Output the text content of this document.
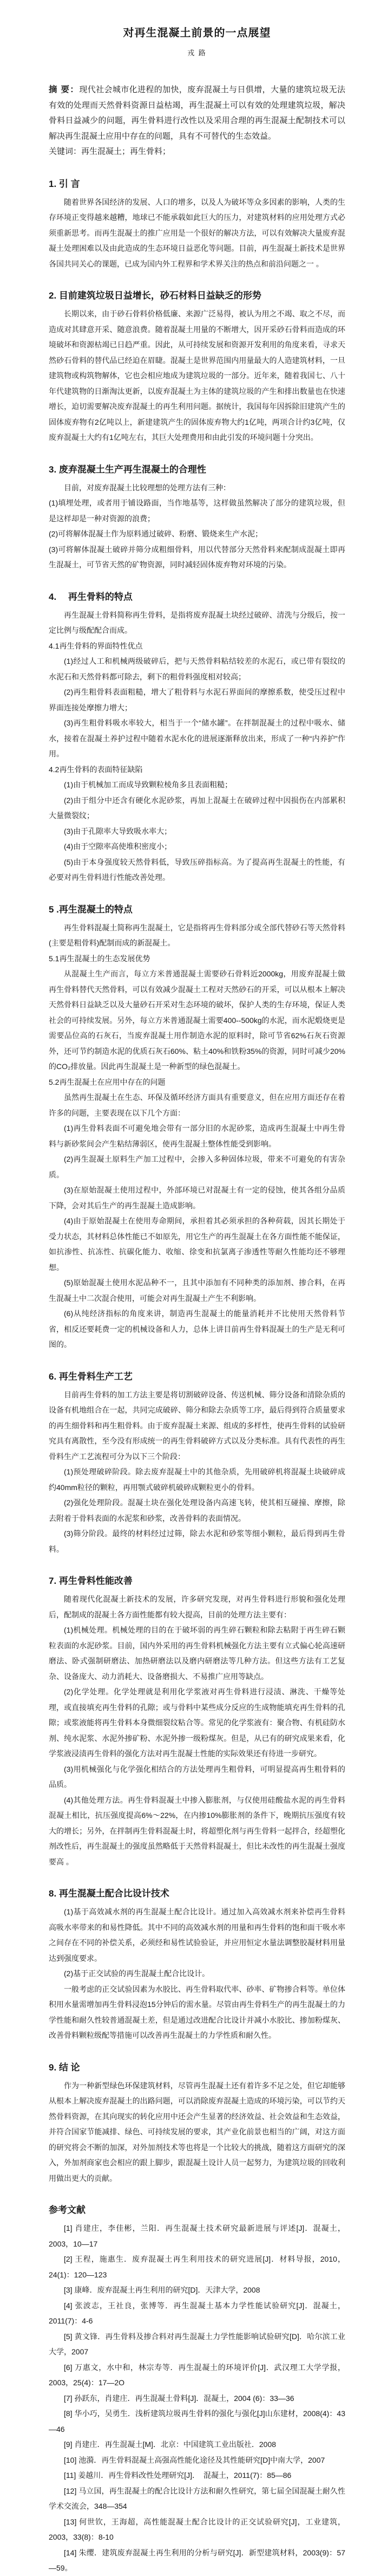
对再生混凝土前景的一点展望
戎 路

摘 要：现代社会城市化进程的加快，废弃混凝土与日俱增，大量的建筑垃圾无法有效的处理而天然骨料资源日益枯竭，再生混凝土可以有效的处理建筑垃圾，解决骨料日益减少的问题，再生骨料进行改性以及采用合理的再生混凝土配制技术可以解决再生混凝土应用中存在的问题，具有不可替代的生态效益。

关键词：再生混凝土；再生骨料；

1. 引 言

随着世界各国经济的发展、人口的增多，以及人为破坏等众多因素的影响，人类的生存环境正变得越来越糟，地球已不能承载如此巨大的压力，对建筑材料的应用处理方式必须重新思考。而再生混凝土的推广应用是一个很好的解决方法，可以有效解决大量废弃混凝土处理困难以及由此造成的生态环境日益恶化等问题。目前，再生混凝土新技术是世界各国共同关心的课题，已成为国内外工程界和学术界关注的热点和前沿问题之一 。

2. 目前建筑垃圾日益增长，砂石材料日益缺乏的形势

长期以来，由于砂石骨料价格低廉、来源广泛易得，被认为用之不竭、取之不尽，而造成对其肆意开采、随意浪费。随着混凝土用量的不断增大，因开采砂石骨料而造成的环境破坏和资源枯竭已日趋严重。因此，从可持续发展和资源开发利用的角度来看，寻求天然砂石骨料的替代品已经迫在眉睫。混凝土是世界范围内用量最大的人造建筑材料，一旦建筑物或构筑物解体，它也会相应地成为建筑垃圾的一部分。近年来，随着我国七、八十年代建筑物的日渐淘汰更新，以废弃混凝土为主体的建筑垃圾的产生和排出数量也在快速增长，迫切需要解决废弃混凝土的再生利用问题。据统计，我国每年因拆除旧建筑产生的固体废弃物有2亿吨以上，新建建筑产生的固体废弃物大约1亿吨，两项合计约3亿吨，仅废弃混凝土大约有1亿吨左右，其巨大处理费用和由此引发的环境问题十分突出。

3. 废弃混凝土生产再生混凝土的合理性

目前，对废弃混凝土比较理想的处理方法有三种：

(1)填埋处理，或者用于铺设路面，当作地基等，这样做虽然解决了部分的建筑垃圾，但是这样却是一种对资源的浪费；

(2)可将解体混凝土作为原料通过破碎、粉磨、锻烧来生产水泥；

(3)可将解体混凝土破碎并筛分成粗细骨料，用以代替部分天然骨料来配制成混凝土即再生混凝土，可节省天然的矿物资源，同时减轻固体废弃物对环境的污染。

4.　 再生骨料的特点

再生混凝土骨料简称再生骨料，是指将废弃混凝土块经过破碎、清洗与分级后，按一定比例与级配配合而成。

4.1再生骨料的界面特性优点

(1)经过人工和机械两级破碎后，把与天然骨料粘结较差的水泥石，或已带有裂纹的水泥石和天然骨料都可除去，剩下的粗骨料强度相对较高；

(2)再生粗骨料表面粗糙，增大了粗骨料与水泥石界面间的摩擦系数，使受压过程中界面连接处摩擦力增大；

(3)再生粗骨料吸水率较大，相当于一个“储水罐”。在拌制混凝土的过程中吸水、储水，接着在混凝土养护过程中随着水泥水化的进展逐渐释放出来，形成了一种“内养护”作用。

4.2再生骨料的表面特征缺陷

(1)由于机械加工而成导致颗粒棱角多且表面粗糙；

(2)由于组分中还含有硬化水泥砂浆，再加上混凝土在破碎过程中因损伤在内部累积大量微裂纹；

(3)由于孔隙率大导致吸水率大；

(4)由于空隙率高使堆积密度小；

(5)由于本身强度较天然骨料低，导致压碎指标高。为了提高再生混凝土的性能，有必要对再生骨料进行性能改善处理。

5 .再生混凝土的特点

再生骨料混凝土简称再生混凝土，它是指将再生骨料部分或全部代替砂石等天然骨料(主要是粗骨料)配制而成的新混凝土。

5.1再生混凝土的生态发展优势

从混凝土生产而言，每立方米普通混凝土需要砂石骨料近2000kg，用废弃混凝土做再生骨料替代天然骨料，可以有效减少混凝土工程对天然砂石的开采，可以从根本上解决天然骨料日益缺乏以及大量砂石开采对生态环境的破坏，保护人类的生存环境，保证人类社会的可持续发展。另外，每立方米普通混凝土需要400--500kg的水泥，而水泥煅烧更是需要品位高的石灰石，当废弃混凝土用作制造水泥的原料时，除可节省62%石灰石资源外，还可节约制造水泥的优质石灰石60%、粘土40%和铁粉35%的资源，同时可减少20%的CO₂排放量。因此再生混凝土是一种新型的绿色混凝土。

5.2再生混凝土在应用中存在的问题

虽然再生混凝土在生态、环保及循环经济方面具有重要意义，但在应用方面还存在着许多的问题，主要表现在以下几个方面：

(1)再生骨料表面不可避免地会带有一部分旧的水泥砂浆，造成再生混凝土中再生骨料与新砂浆间会产生粘结薄弱区，使再生混凝土整体性能受到影响。

(2)再生混凝土原料生产加工过程中，会掺入多种固体垃圾，带来不可避免的有害杂质。

(3)在原始混凝土使用过程中，外部环境已对混凝土有一定的侵蚀，使其各组分品质下降，会对其后生产的再生混凝土造成影响。

(4)由于原始混凝土在使用寿命期间，承担着其必须承担的各种荷载，因其长期处于受力状态，其材料总体性能已不如原先，用它生产的再生混凝土在各方面性能不能保证，如抗渗性、抗冻性、抗碳化能力、收缩、徐变和抗氯离子渗透性等耐久性能均还不够理想。

(5)原始混凝土使用水泥品种不一，且其中添加有不同种类的添加剂、掺合料，在再生混凝土中二次混合使用，可能会对再生混凝土产生不利影响。

(6)从纯经济指标的角度来讲，制造再生混凝土的能量消耗并不比使用天然骨料节省，相反还要耗费一定的机械设备和人力，总体上讲目前再生骨料混凝土的生产是无利可图的。

6. 再生骨料生产工艺

目前再生骨料的加工方法主要是将切割破碎设备、传送机械、筛分设备和清除杂质的设备有机地组合在一起，共同完成破碎、筛分和除去杂质等工序，最后得到符合质量要求的再生细骨料和再生粗骨料。由于废弃混凝土来源、组成的多样性，使再生骨料的试验研究具有离散性，至今没有形成统一的再生骨料破碎方式以及分类标准。具有代表性的再生骨料生产工艺流程可分为以下三个阶段：

(1)预处理破碎阶段。除去废弃混凝土中的其他杂质，先用破碎机将混凝土块破碎成约40mm粒径的颗粒，再用颚式破碎机破碎成颗粒更小的骨料。

(2)强化处理阶段。混凝土块在强化处理设备内高速飞转，使其相互碰撞、摩擦，除去附着于骨料表面的水泥浆和砂浆，改善骨料的表面情况。

(3)筛分阶段。最终的材料经过过筛，除去水泥和砂浆等细小颗粒，最后得到再生骨料。

7. 再生骨料性能改善

随着现代化混凝土新技术的发展，许多研究发现，对再生骨料进行形貌和强化处理后，配制成的混凝土各方面性能都有较大提高，目前的处理方法主要有：

(1)机械处理。机械处理的目的在于破坏弱的再生碎石颗粒和除去粘附于再生碎石颗粒表面的水泥砂浆。目前，国内外采用的再生骨料机械强化方法主要有立式偏心轮高速研磨法、卧式强制研磨法、加热研磨法以及磨内研磨法等几种方法。但这些方法有工艺复杂、设备庞大、动力消耗大、设备磨损大、不易推广应用等缺点。

(2)化学处理。化学处理就是利用化学浆液对再生骨料进行浸渍、淋洗、干燥等处理，或直接填充再生骨料的孔隙；或与骨料中某些成分反应的生成物能填充再生骨料的孔隙；或浆液能将再生骨料本身微细裂纹粘合等。常见的化学浆液有：聚合物、有机硅防水剂、纯水泥浆、水泥外掺矿粉、水泥外掺一级粉煤灰。但是，从已有的研究成果来看，化学浆液浸渍再生骨料的强化方法对再生混凝土性能的实际效果还有待进一步研究。

(3)用机械强化与化学强化相结合的方法处理再生粗骨料，可明显提高再生粗骨料的品质。

(4)其他处理方法。再生骨料混凝土中掺入膨胀剂，与仅使用硅酸盐水泥的再生骨料混凝土相比，抗压强度提高6%～22%，在内掺10%膨胀剂的条件下，晚期抗压强度有较大的增长；另外，在拌制再生骨料混凝土时，将超塑化剂与再生骨料一起拌合，经超塑化剂改性后，再生混凝土的强度虽然略低于天然骨料混凝土，但比未改性的再生混凝土强度要高 。

8. 再生混凝土配合比设计技术

(1)基于高效减水剂的再生混凝土配合比设计。通过加入高效减水剂来补偿再生骨料高吸水率带来的和易性降低。其中不同的高效减水剂的用量和再生骨料的饱和面干吸水率之间存在不同的补偿关系，必须经和易性试验验证，并应用恒定水量法调整胶凝材料用量达到强度要求。

(2)基于正交试验的再生混凝土配合比设计。

一般考虑的正交试验因素为水胶比、再生骨料取代率、砂率、矿物掺合料等。单位体积用水量需增加再生骨料浸泡15分钟后的需水量。尽管由再生骨料生产的再生混凝土的力学性能和耐久性较普通混凝土差，但是通过改进配合比设计并减小水胶比、掺加粉煤灰、改善骨料颗粒级配等措施可以改善再生混凝土的力学性质和耐久性。

9. 结 论

作为一种新型绿色环保建筑材料，尽管再生混凝土还有着许多不足之处，但它却能够从根本上解决废弃混凝土的出路问题，可以消除废弃混凝土造成的环境污染，可以节约天然骨料资源，在其向现实的转化应用中还会产生显著的经济效益、社会效益和生态效益，并符合国家节能减排、绿色、可持续发展的要求，其产业化前景也相当的广阔，对这方面的研究将会不断的加深，对外加剂技术等也将是一个比较大的挑战，随着这方面研究的深入，外加剂商家也会相应的跟上脚步，跟混凝土设计人员一起努力，为建筑垃圾的回收利用做出更大的贡献。

参考文献

[1] 肖建庄，李佳彬，兰阳．再生混凝土技术研究最新进展与评述[J]．混凝土，2003，10—17

[2] 王程，施惠生．废弃混凝土再生利用技术的研究进展[J]．材料导报，2010，24(1)：120—123

[3] 康峰．废弃混凝土再生利用的研究[D]．天津大学，2008

[4] 张波志，王社良，张博等．再生混凝土基本力学性能试验研究[J]．混凝土，2011(7)：4-6

[5] 黄文锋．再生骨料及掺合料对再生混凝土力学性能影响试验研究[D]．哈尔滨工业大学，2007

[6] 万惠文，水中和，林宗寿等．再生混凝土的环境评价[J]．武汉理工大学学报，2003，25(4)：17—2O

[7] 孙跃东，肖建庄．再生混凝土骨料[J]．混凝土，2004 (6)：33—36

[8] 华小巧，吴勇生．浅析建筑垃圾再生骨料的强化与强化[J]山东建材，2008(4)：43—46

[9] 肖建庄．再生混凝土[M]．北京：中国建筑工业出版社．2008

[10] 池漪．再生骨料混凝土高强高性能化途径及其性能研究[D]中南大学，2007

[11] 姜越川．再生骨料改性处理研究[J]．　混凝土，2011(7)：85—86

[12] 马立国，再生混凝土的配合比设计方法和耐久性研究，第七届全国混凝土耐久性学术交流会，348—354

[13] 何世钦，王海超，高性能混凝土配合比设计的正交试验研究[J]，工业建筑，2003，33(8)：8-10

[14] 朱缨．建筑废弃混凝土再生利用的分析与研究[J]．新型建筑材料，2003(9)：57—59。
